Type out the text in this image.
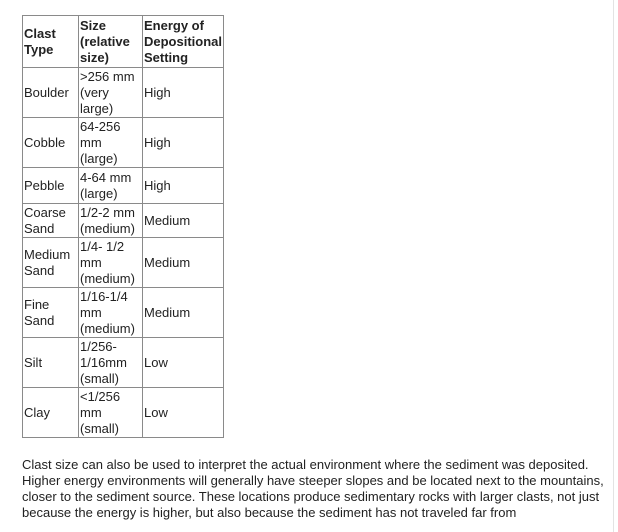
Clast Type	Size (relative size)	Energy of Depositional Setting
Boulder	>256 mm (very large)	High
Cobble	64-256 mm (large)	High
Pebble	4-64 mm (large)	High
Coarse Sand	1/2-2 mm (medium)	Medium
Medium Sand	1/4- 1/2 mm (medium)	Medium
Fine Sand	1/16-1/4 mm (medium)	Medium
Silt	1/256-1/16mm (small)	Low
Clay	<1/256 mm (small)	Low

Clast size can also be used to interpret the actual environment where the sediment was deposited. Higher energy environments will generally have steeper slopes and be located next to the mountains, closer to the sediment source. These locations produce sedimentary rocks with larger clasts, not just because the energy is higher, but also because the sediment has not traveled far from
